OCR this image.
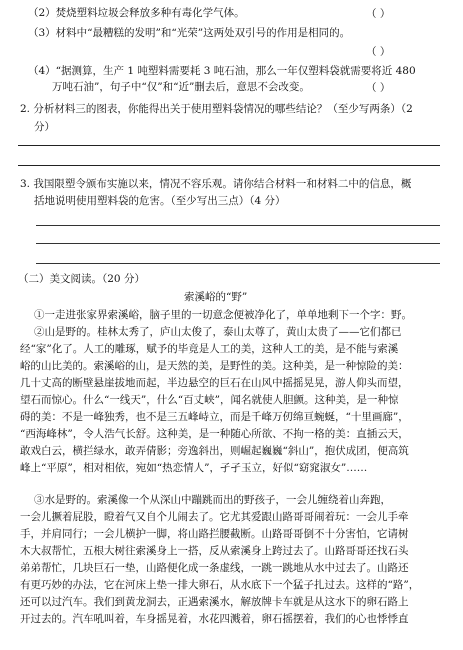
（2）焚烧塑料垃圾会释放多种有毒化学气体。	（ ）
（3）材料中“最糟糕的发明”和“光荣”这两处双引号的作用是相同的。
（ ）
（4）“据测算，生产 1 吨塑料需要耗 3 吨石油，那么一年仅塑料袋就需要将近 480
万吨石油”，句子中“仅”和“近”删去后，意思不会改变。	（ ）
2. 分析材料三的图表，你能得出关于使用塑料袋情况的哪些结论？（至少写两条）（2
分）
3. 我国限塑令颁布实施以来，情况不容乐观。请你结合材料一和材料二中的信息，概
括地说明使用塑料袋的危害。（至少写出三点）（4 分）
（二）美文阅读。（20 分）
索溪峪的“野”
①一走进张家界索溪峪，脑子里的一切意念便被净化了，单单地剩下一个字：野。
②山是野的。桂林太秀了，庐山太俊了，泰山太尊了，黄山太贵了——它们都已
经“家”化了。人工的雕琢，赋予的毕竟是人工的美，这种人工的美，是不能与索溪
峪的山比美的。索溪峪的山，是天然的美，是野性的美。这种美，是一种惊险的美：
几十丈高的断壁悬崖拔地而起，半边悬空的巨石在山风中摇摇晃晃，游人仰头而望，
望石而惊心。什么“一线天”，什么“百丈峡”，闻名就使人胆颤。这种美，是一种惊
碍的美：不是一峰独秀，也不是三五峰峙立，而是千峰万仞绵亘蜿蜒，“十里画廊”，
“西海峰林”，令人浩气长舒。这种美，是一种随心所欲、不拘一格的美：直插云天，
敢戏白云，横拦绿水，敢弄倩影；旁逸斜出，则崛起巍巍“斜山”，抱伏成团，便高筑
峰上“平原”，相对相依，宛如“热恋情人”，孑孑玉立，好似“窈窕淑女”……
③水是野的。索溪像一个从深山中蹦跳而出的野孩子，一会儿缠绕着山奔跑，
一会儿撅着屁股，瞪着气又自个儿闹去了。它尤其爱跟山路哥哥闹着玩：一会儿手牵
手，并肩同行；一会儿横护一脚，将山路拦腰截断。山路哥哥倒不十分害怕，它请树
木大叔帮忙，五根大树往索溪身上一搭，反从索溪身上跨过去了。山路哥哥还找石头
弟弟帮忙，几块巨石一垫，山路便化成一条虚线，一跳一跳地从水中过去了。山路还
有更巧妙的办法，它在河床上垫一排大卵石，从水底下一个猛子扎过去。这样的“路”，
还可以过汽车。我们到黄龙洞去，正遇索溪水，解放牌卡车就是从这水下的卵石路上
开过去的。汽车吼叫着，车身摇晃着，水花四溅着，卵石摇摆着，我们的心也悸悸直
